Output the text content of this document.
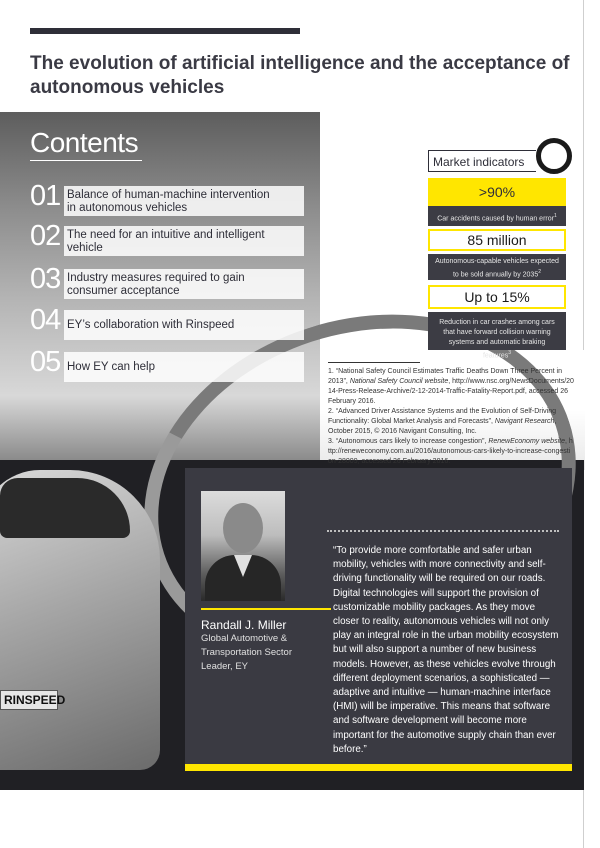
The evolution of artificial intelligence and the acceptance of autonomous vehicles
RINSPEED
Contents
01 Balance of human-machine intervention in autonomous vehicles
02 The need for an intuitive and intelligent vehicle
03 Industry measures required to gain consumer acceptance
04 EY’s collaboration with Rinspeed
05 How EY can help
Market indicators
>90%
Car accidents caused by human error$^1$
85 million
Autonomous-capable vehicles expected to be sold annually by 2035$^2$
Up to 15%
Reduction in car crashes among cars that have forward collision warning systems and automatic braking features$^3$

1. “National Safety Council Estimates Traffic Deaths Down Three Percent in 2013”, National Safety Council website, http://www.nsc.org/NewsDocuments/2014-Press-Release-Archive/2-12-2014-Traffic-Fatality-Report.pdf, accessed 26 February 2016.

2. “Advanced Driver Assistance Systems and the Evolution of Self-Driving Functionality: Global Market Analysis and Forecasts”, Navigant Research, October 2015, © 2016 Navigant Consulting, Inc.

3. “Autonomous cars likely to increase congestion”, RenewEconomy website, http://reneweconomy.com.au/2016/autonomous-cars-likely-to-increase-congestion-28009, accessed 26 February 2016.

Randall J. Miller
Global Automotive & Transportation Sector Leader, EY

“To provide more comfortable and safer urban mobility, vehicles with more connectivity and self-driving functionality will be required on our roads. Digital technologies will support the provision of customizable mobility packages. As they move closer to reality, autonomous vehicles will not only play an integral role in the urban mobility ecosystem but will also support a number of new business models. However, as these vehicles evolve through different deployment scenarios, a sophisticated — adaptive and intuitive — human-machine interface (HMI) will be imperative. This means that software and software development will become more important for the automotive supply chain than ever before.”
